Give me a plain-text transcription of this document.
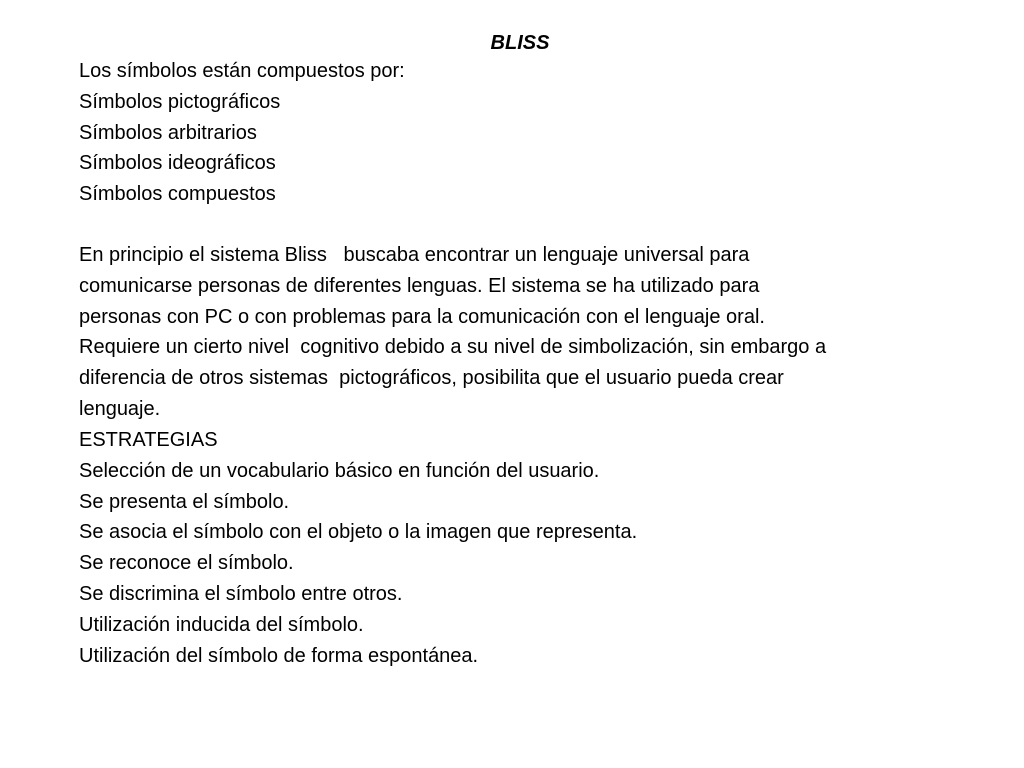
BLISS
Los símbolos están compuestos por:
Símbolos pictográficos
Símbolos arbitrarios
Símbolos ideográficos
Símbolos compuestos
En principio el sistema Bliss   buscaba encontrar un lenguaje universal para
comunicarse personas de diferentes lenguas. El sistema se ha utilizado para
personas con PC o con problemas para la comunicación con el lenguaje oral.
Requiere un cierto nivel  cognitivo debido a su nivel de simbolización, sin embargo a
diferencia de otros sistemas  pictográficos, posibilita que el usuario pueda crear
lenguaje.
ESTRATEGIAS
Selección de un vocabulario básico en función del usuario.
Se presenta el símbolo.
Se asocia el símbolo con el objeto o la imagen que representa.
Se reconoce el símbolo.
Se discrimina el símbolo entre otros.
Utilización inducida del símbolo.
Utilización del símbolo de forma espontánea.
